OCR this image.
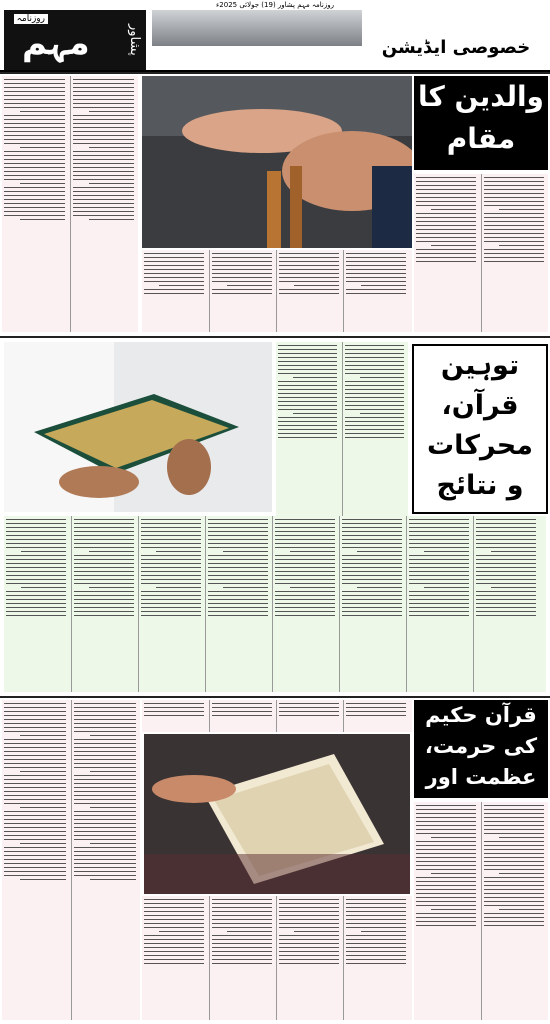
روزنامہ مہم پشاور (19) جولائی 2025ء
روزنامہ
مہم	پشاور	خصوصی ایڈیشن
والدین کا مقام
توہین قرآن، محرکات و نتائج
قرآن حکیم کی حرمت، عظمت اور
